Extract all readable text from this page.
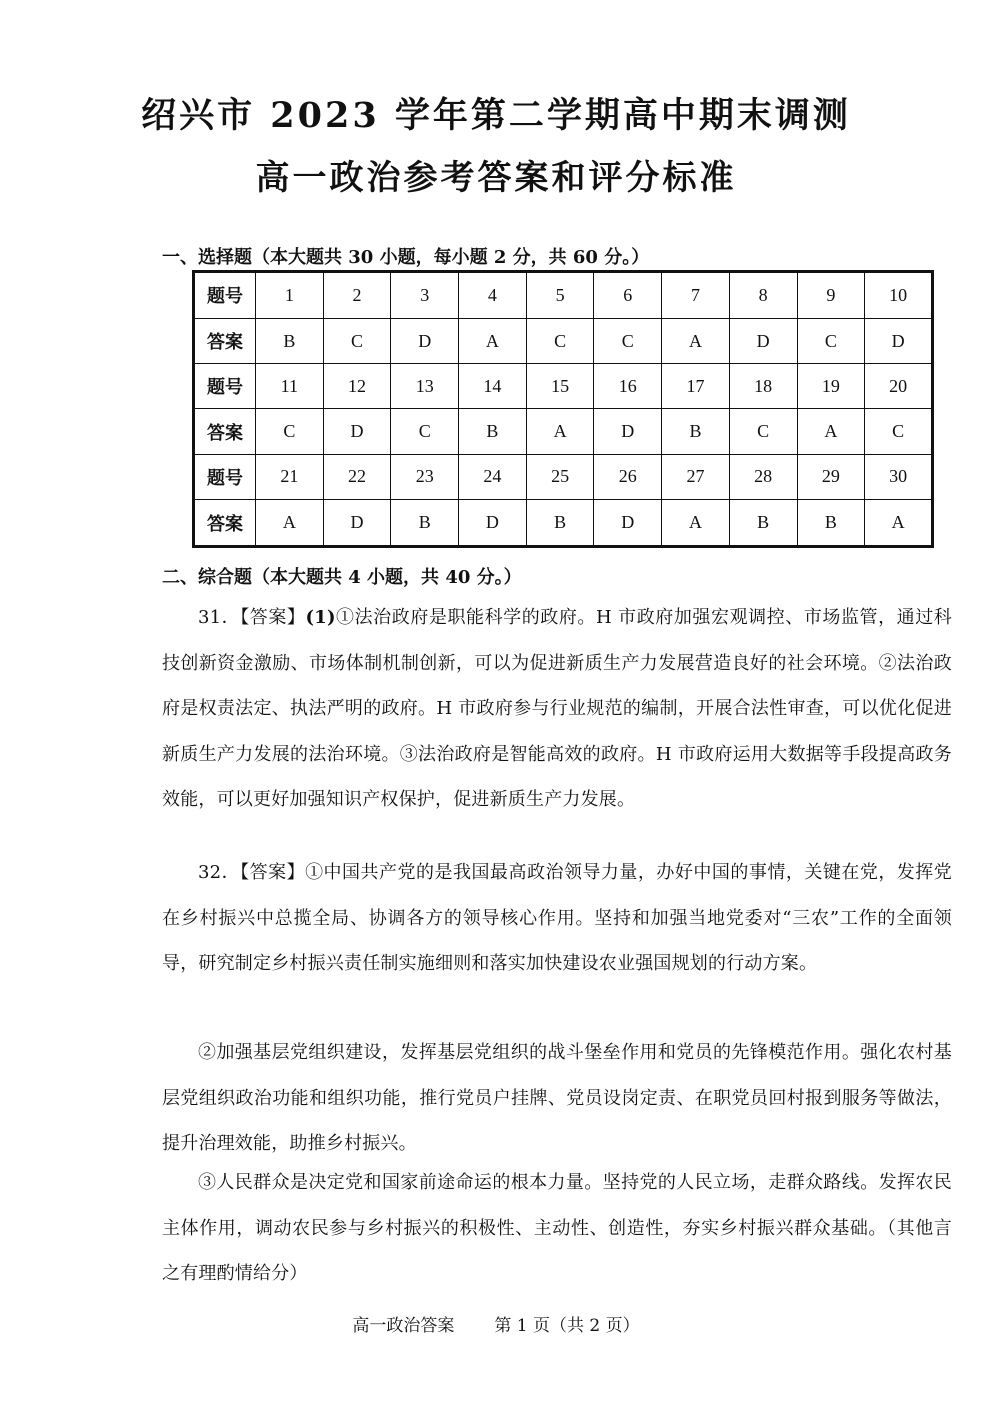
绍兴市 2023 学年第二学期高中期末调测
高一政治参考答案和评分标准
一、选择题（本大题共 30 小题，每小题 2 分，共 60 分。）
题号	1	2	3	4	5	6	7	8	9	10
答案	B	C	D	A	C	C	A	D	C	D
题号	11	12	13	14	15	16	17	18	19	20
答案	C	D	C	B	A	D	B	C	A	C
题号	21	22	23	24	25	26	27	28	29	30
答案	A	D	B	D	B	D	A	B	B	A
二、综合题（本大题共 4 小题，共 40 分。）
31．【答案】(1)①法治政府是职能科学的政府。H 市政府加强宏观调控、市场监管，通过科技创新资金激励、市场体制机制创新，可以为促进新质生产力发展营造良好的社会环境。②法治政府是权责法定、执法严明的政府。H 市政府参与行业规范的编制，开展合法性审查，可以优化促进新质生产力发展的法治环境。③法治政府是智能高效的政府。H 市政府运用大数据等手段提高政务效能，可以更好加强知识产权保护，促进新质生产力发展。
32．【答案】①中国共产党的是我国最高政治领导力量，办好中国的事情，关键在党，发挥党在乡村振兴中总揽全局、协调各方的领导核心作用。坚持和加强当地党委对“三农”工作的全面领导，研究制定乡村振兴责任制实施细则和落实加快建设农业强国规划的行动方案。
②加强基层党组织建设，发挥基层党组织的战斗堡垒作用和党员的先锋模范作用。强化农村基层党组织政治功能和组织功能，推行党员户挂牌、党员设岗定责、在职党员回村报到服务等做法，提升治理效能，助推乡村振兴。
③人民群众是决定党和国家前途命运的根本力量。坚持党的人民立场，走群众路线。发挥农民主体作用，调动农民参与乡村振兴的积极性、主动性、创造性，夯实乡村振兴群众基础。（其他言之有理酌情给分）
高一政治答案 第 1 页（共 2 页）
